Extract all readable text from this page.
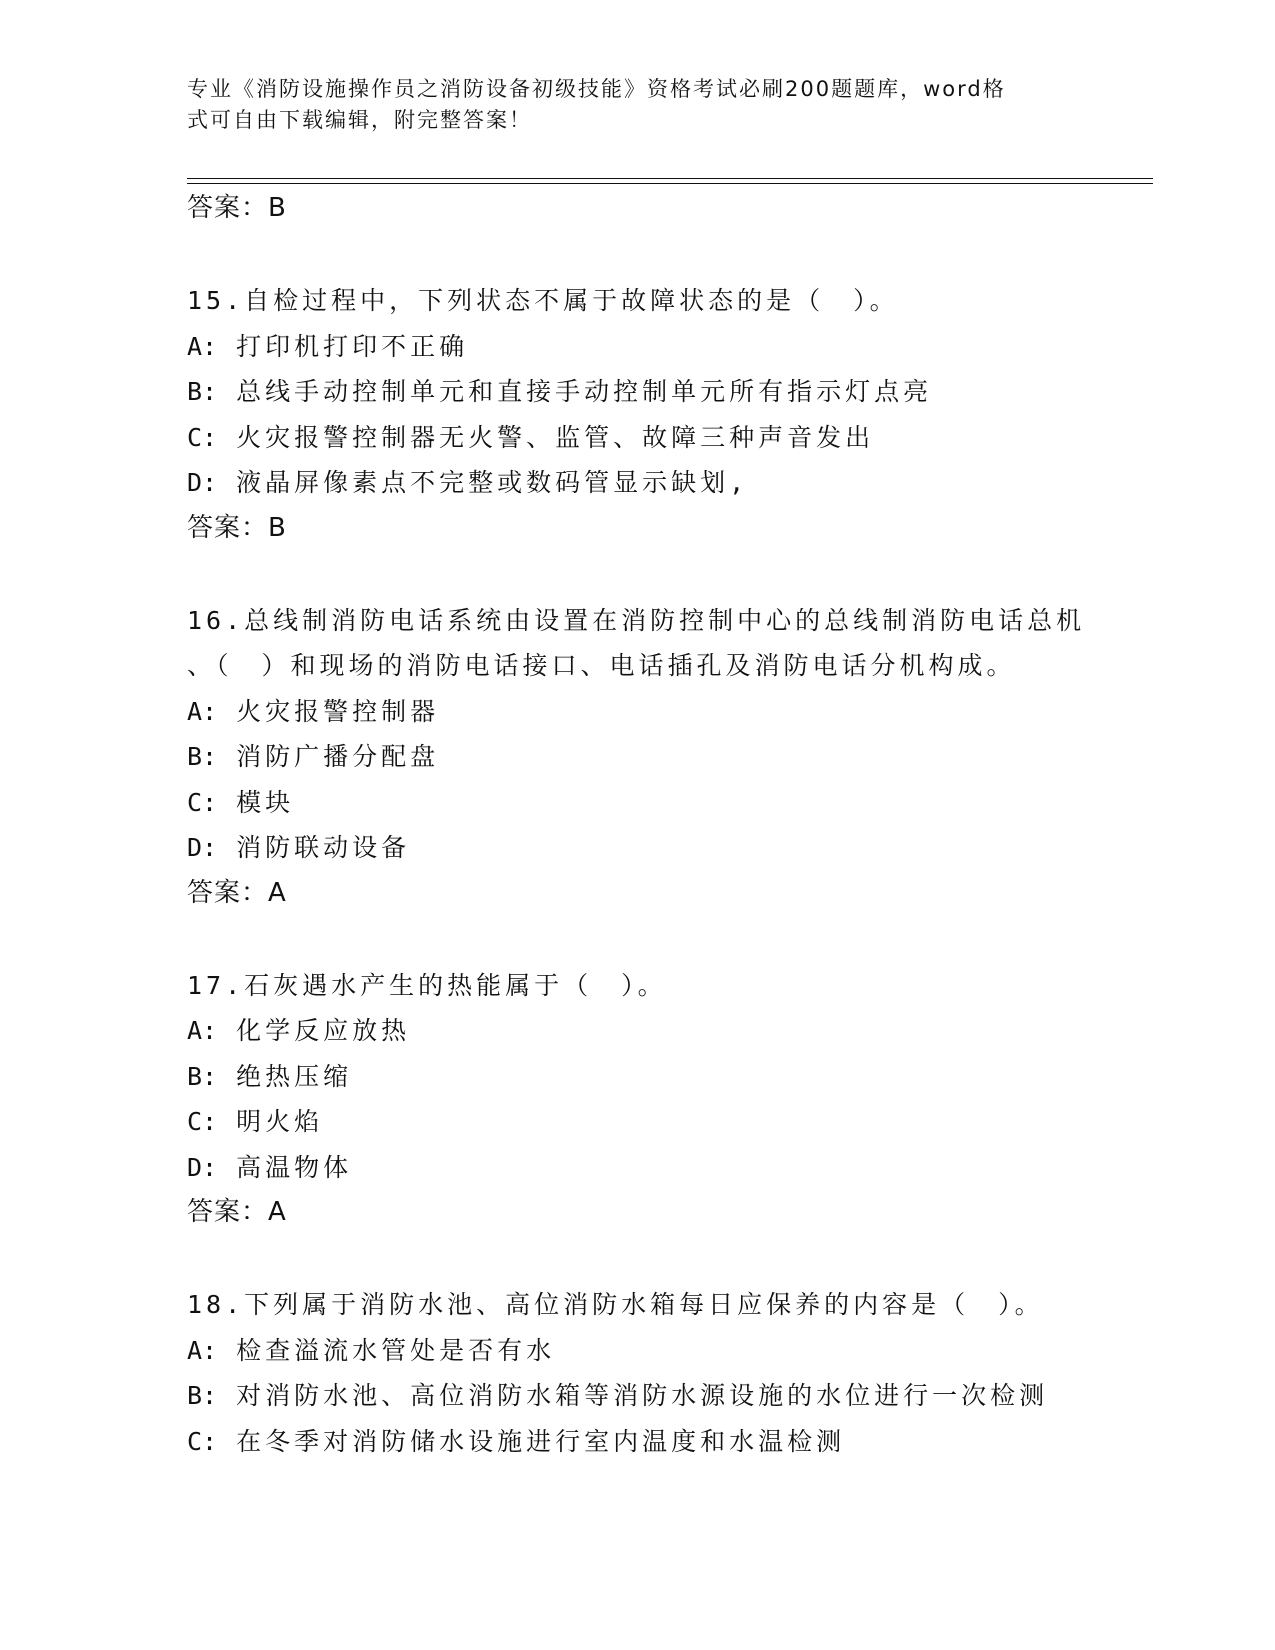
专业《消防设施操作员之消防设备初级技能》资格考试必刷200题题库，word格
式可自由下载编辑，附完整答案！
答案：B
15.自检过程中，下列状态不属于故障状态的是（　）。
A: 打印机打印不正确
B: 总线手动控制单元和直接手动控制单元所有指示灯点亮
C: 火灾报警控制器无火警、监管、故障三种声音发出
D: 液晶屏像素点不完整或数码管显示缺划,
答案：B
16.总线制消防电话系统由设置在消防控制中心的总线制消防电话总机
、（　）和现场的消防电话接口、电话插孔及消防电话分机构成。
A: 火灾报警控制器
B: 消防广播分配盘
C: 模块
D: 消防联动设备
答案：A
17.石灰遇水产生的热能属于（　）。
A: 化学反应放热
B: 绝热压缩
C: 明火焰
D: 高温物体
答案：A
18.下列属于消防水池、高位消防水箱每日应保养的内容是（　）。
A: 检查溢流水管处是否有水
B: 对消防水池、高位消防水箱等消防水源设施的水位进行一次检测
C: 在冬季对消防储水设施进行室内温度和水温检测
